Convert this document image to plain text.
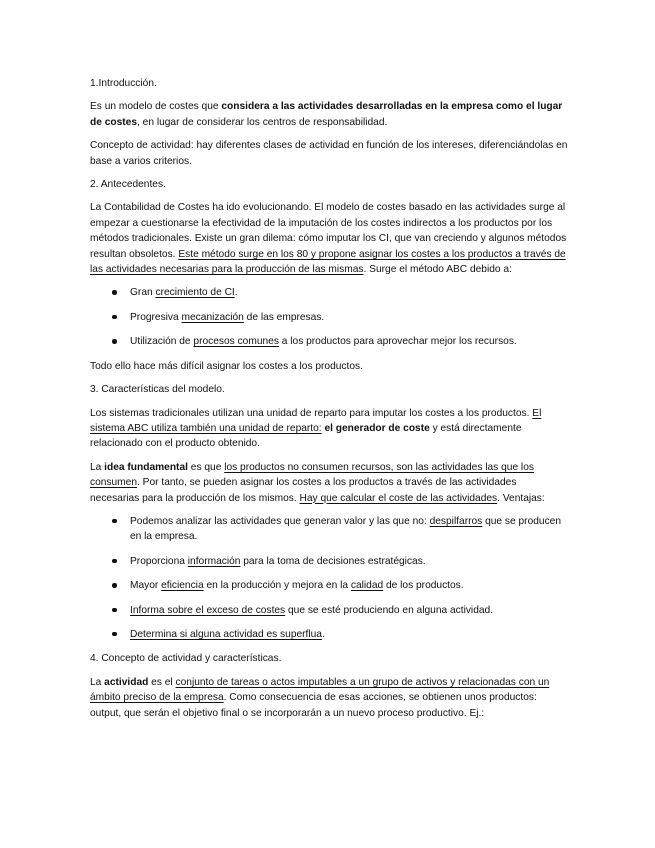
1.Introducción.

Es un modelo de costes que considera a las actividades desarrolladas en la empresa como el lugar de costes, en lugar de considerar los centros de responsabilidad.

Concepto de actividad: hay diferentes clases de actividad en función de los intereses, diferenciándolas en base a varios criterios.

2. Antecedentes.

La Contabilidad de Costes ha ido evolucionando. El modelo de costes basado en las actividades surge al empezar a cuestionarse la efectividad de la imputación de los costes indirectos a los productos por los métodos tradicionales. Existe un gran dilema: cómo imputar los CI, que van creciendo y algunos métodos resultan obsoletos. Este método surge en los 80 y propone asignar los costes a los productos a través de las actividades necesarias para la producción de las mismas. Surge el método ABC debido a:

Gran crecimiento de CI.
Progresiva mecanización de las empresas.
Utilización de procesos comunes a los productos para aprovechar mejor los recursos.

Todo ello hace más difícil asignar los costes a los productos.

3. Características del modelo.

Los sistemas tradicionales utilizan una unidad de reparto para imputar los costes a los productos. El sistema ABC utiliza también una unidad de reparto: el generador de coste y está directamente relacionado con el producto obtenido.

La idea fundamental es que los productos no consumen recursos, son las actividades las que los consumen. Por tanto, se pueden asignar los costes a los productos a través de las actividades necesarias para la producción de los mismos. Hay que calcular el coste de las actividades. Ventajas:

Podemos analizar las actividades que generan valor y las que no: despilfarros que se producen en la empresa.
Proporciona información para la toma de decisiones estratégicas.
Mayor eficiencia en la producción y mejora en la calidad de los productos.
Informa sobre el exceso de costes que se esté produciendo en alguna actividad.
Determina si alguna actividad es superflua.

4. Concepto de actividad y características.

La actividad es el conjunto de tareas o actos imputables a un grupo de activos y relacionadas con un ámbito preciso de la empresa. Como consecuencia de esas acciones, se obtienen unos productos: output, que serán el objetivo final o se incorporarán a un nuevo proceso productivo. Ej.:
